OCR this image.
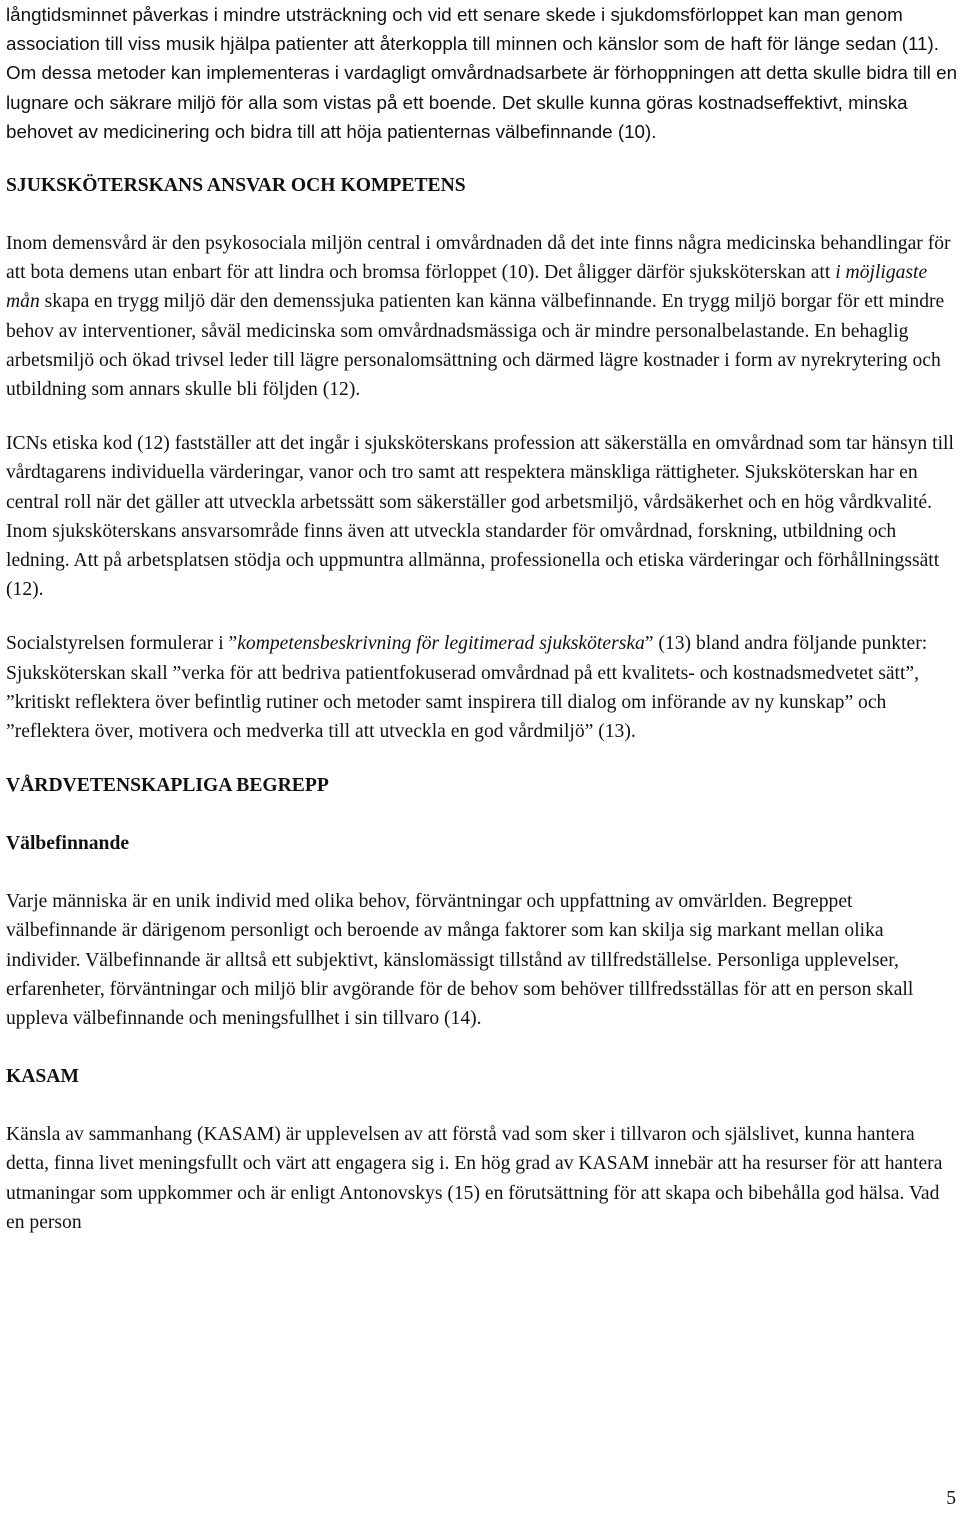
långtidsminnet påverkas i mindre utsträckning och vid ett senare skede i sjukdomsförloppet kan man genom association till viss musik hjälpa patienter att återkoppla till minnen och känslor som de haft för länge sedan (11). Om dessa metoder kan implementeras i vardagligt omvårdnadsarbete är förhoppningen att detta skulle bidra till en lugnare och säkrare miljö för alla som vistas på ett boende. Det skulle kunna göras kostnadseffektivt, minska behovet av medicinering och bidra till att höja patienternas välbefinnande (10).

SJUKSKÖTERSKANS ANSVAR OCH KOMPETENS

Inom demensvård är den psykosociala miljön central i omvårdnaden då det inte finns några medicinska behandlingar för att bota demens utan enbart för att lindra och bromsa förloppet (10). Det åligger därför sjuksköterskan att i möjligaste mån skapa en trygg miljö där den demenssjuka patienten kan känna välbefinnande. En trygg miljö borgar för ett mindre behov av interventioner, såväl medicinska som omvårdnadsmässiga och är mindre personalbelastande. En behaglig arbetsmiljö och ökad trivsel leder till lägre personalomsättning och därmed lägre kostnader i form av nyrekrytering och utbildning som annars skulle bli följden (12).

ICNs etiska kod (12) fastställer att det ingår i sjuksköterskans profession att säkerställa en omvårdnad som tar hänsyn till vårdtagarens individuella värderingar, vanor och tro samt att respektera mänskliga rättigheter. Sjuksköterskan har en central roll när det gäller att utveckla arbetssätt som säkerställer god arbetsmiljö, vårdsäkerhet och en hög vårdkvalité. Inom sjuksköterskans ansvarsområde finns även att utveckla standarder för omvårdnad, forskning, utbildning och ledning. Att på arbetsplatsen stödja och uppmuntra allmänna, professionella och etiska värderingar och förhållningssätt (12).

Socialstyrelsen formulerar i ”kompetensbeskrivning för legitimerad sjuksköterska” (13) bland andra följande punkter: Sjuksköterskan skall ”verka för att bedriva patientfokuserad omvårdnad på ett kvalitets- och kostnadsmedvetet sätt”, ”kritiskt reflektera över befintlig rutiner och metoder samt inspirera till dialog om införande av ny kunskap” och ”reflektera över, motivera och medverka till att utveckla en god vårdmiljö” (13).

VÅRDVETENSKAPLIGA BEGREPP
Välbefinnande

Varje människa är en unik individ med olika behov, förväntningar och uppfattning av omvärlden. Begreppet välbefinnande är därigenom personligt och beroende av många faktorer som kan skilja sig markant mellan olika individer. Välbefinnande är alltså ett subjektivt, känslomässigt tillstånd av tillfredställelse. Personliga upplevelser, erfarenheter, förväntningar och miljö blir avgörande för de behov som behöver tillfredsställas för att en person skall uppleva välbefinnande och meningsfullhet i sin tillvaro (14).

KASAM

Känsla av sammanhang (KASAM) är upplevelsen av att förstå vad som sker i tillvaron och själslivet, kunna hantera detta, finna livet meningsfullt och värt att engagera sig i. En hög grad av KASAM innebär att ha resurser för att hantera utmaningar som uppkommer och är enligt Antonovskys (15) en förutsättning för att skapa och bibehålla god hälsa. Vad en person

5
